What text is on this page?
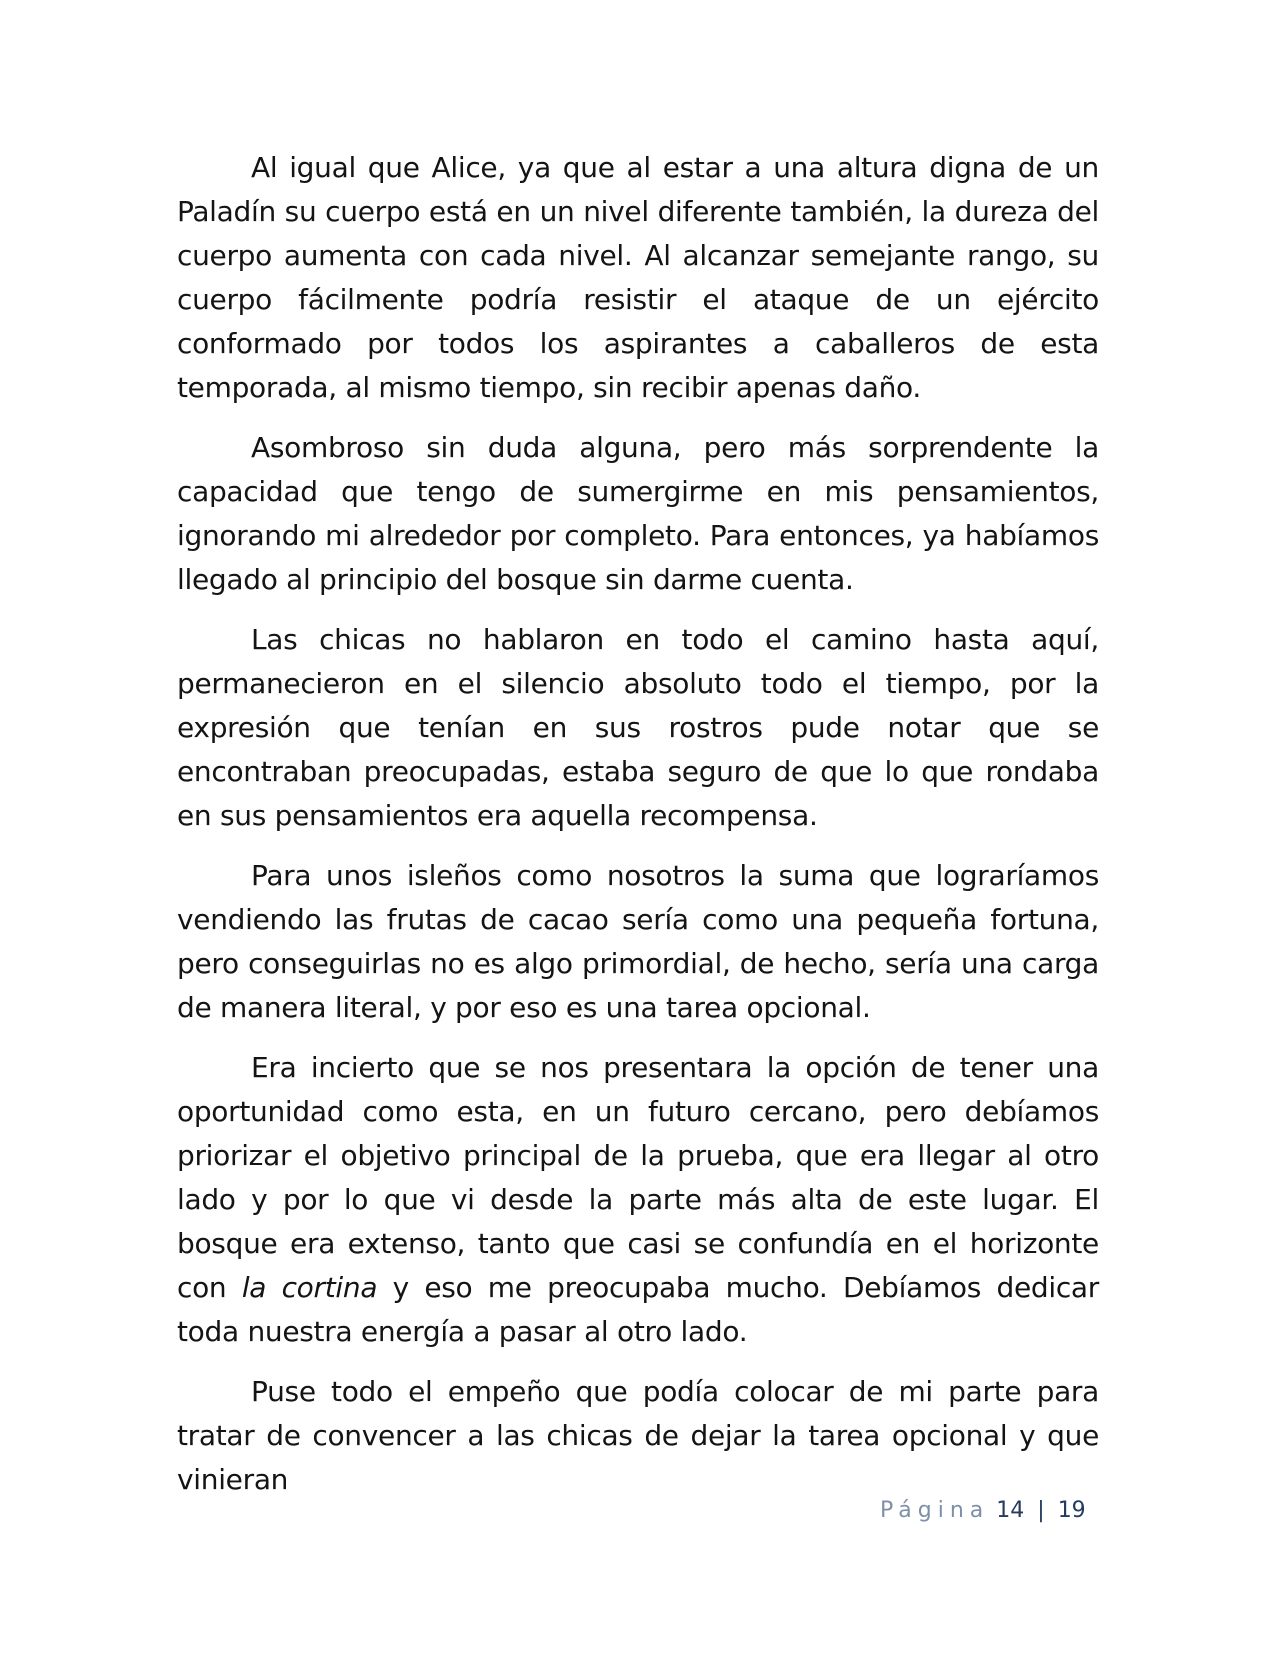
Al igual que Alice, ya que al estar a una altura digna de un Paladín su cuerpo está en un nivel diferente también, la dureza del cuerpo aumenta con cada nivel. Al alcanzar semejante rango, su cuerpo fácilmente podría resistir el ataque de un ejército conformado por todos los aspirantes a caballeros de esta temporada, al mismo tiempo, sin recibir apenas daño.

Asombroso sin duda alguna, pero más sorprendente la capacidad que tengo de sumergirme en mis pensamientos, ignorando mi alrededor por completo. Para entonces, ya habíamos llegado al principio del bosque sin darme cuenta.

Las chicas no hablaron en todo el camino hasta aquí, permanecieron en el silencio absoluto todo el tiempo, por la expresión que tenían en sus rostros pude notar que se encontraban preocupadas, estaba seguro de que lo que rondaba en sus pensamientos era aquella recompensa.

Para unos isleños como nosotros la suma que lograríamos vendiendo las frutas de cacao sería como una pequeña fortuna, pero conseguirlas no es algo primordial, de hecho, sería una carga de manera literal, y por eso es una tarea opcional.

Era incierto que se nos presentara la opción de tener una oportunidad como esta, en un futuro cercano, pero debíamos priorizar el objetivo principal de la prueba, que era llegar al otro lado y por lo que vi desde la parte más alta de este lugar. El bosque era extenso, tanto que casi se confundía en el horizonte con la cortina y eso me preocupaba mucho. Debíamos dedicar toda nuestra energía a pasar al otro lado.

Puse todo el empeño que podía colocar de mi parte para tratar de convencer a las chicas de dejar la tarea opcional y que vinieran

Página 14 | 19
